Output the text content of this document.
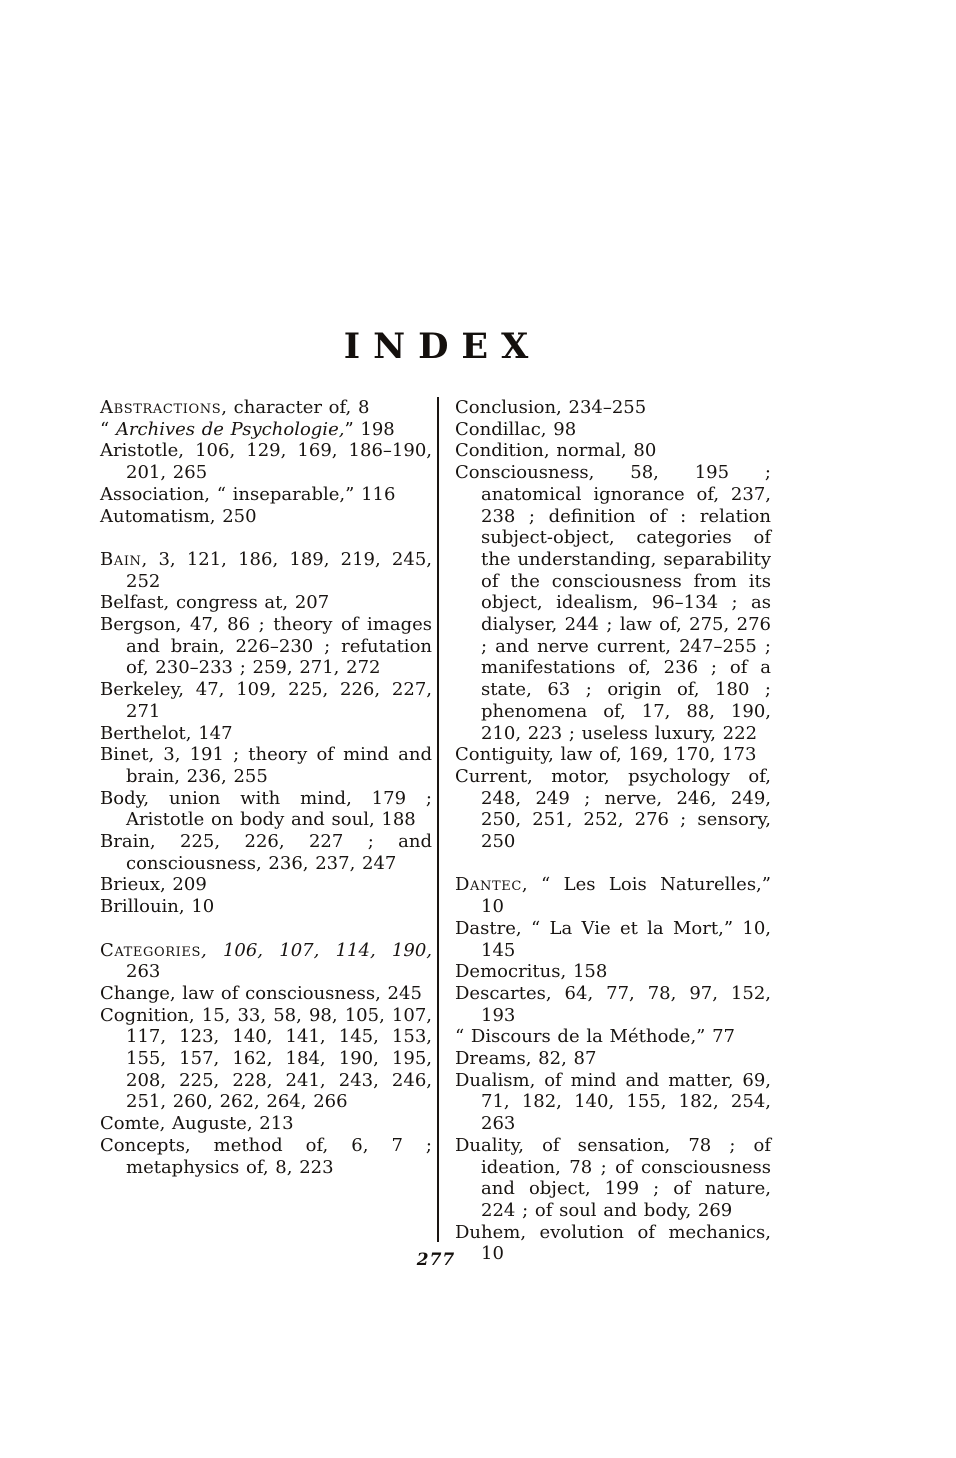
INDEX

Abstractions, character of, 8

“ Archives de Psychologie,” 198

Aristotle, 106, 129, 169, 186–190, 201, 265

Association, “ inseparable,” 116

Automatism, 250

Bain, 3, 121, 186, 189, 219, 245, 252

Belfast, congress at, 207

Bergson, 47, 86 ; theory of images and brain, 226–230 ; refutation of, 230–233 ; 259, 271, 272

Berkeley, 47, 109, 225, 226, 227, 271

Berthelot, 147

Binet, 3, 191 ; theory of mind and brain, 236, 255

Body, union with mind, 179 ; Aristotle on body and soul, 188

Brain, 225, 226, 227 ; and consciousness, 236, 237, 247

Brieux, 209

Brillouin, 10

Categories, 106, 107, 114, 190, 263

Change, law of consciousness, 245

Cognition, 15, 33, 58, 98, 105, 107, 117, 123, 140, 141, 145, 153, 155, 157, 162, 184, 190, 195, 208, 225, 228, 241, 243, 246, 251, 260, 262, 264, 266

Comte, Auguste, 213

Concepts, method of, 6, 7 ; metaphysics of, 8, 223

Conclusion, 234–255

Condillac, 98

Condition, normal, 80

Consciousness, 58, 195 ; anatomical ignorance of, 237, 238 ; definition of : relation subject-object, categories of the understanding, separability of the consciousness from its object, idealism, 96–134 ; as dialyser, 244 ; law of, 275, 276 ; and nerve current, 247–255 ; manifestations of, 236 ; of a state, 63 ; origin of, 180 ; phenomena of, 17, 88, 190, 210, 223 ; useless luxury, 222

Contiguity, law of, 169, 170, 173

Current, motor, psychology of, 248, 249 ; nerve, 246, 249, 250, 251, 252, 276 ; sensory, 250

Dantec, “ Les Lois Naturelles,” 10

Dastre, “ La Vie et la Mort,” 10, 145

Democritus, 158

Descartes, 64, 77, 78, 97, 152, 193

“ Discours de la Méthode,” 77

Dreams, 82, 87

Dualism, of mind and matter, 69, 71, 182, 140, 155, 182, 254, 263

Duality, of sensation, 78 ; of ideation, 78 ; of consciousness and object, 199 ; of nature, 224 ; of soul and body, 269

Duhem, evolution of mechanics, 10

277
